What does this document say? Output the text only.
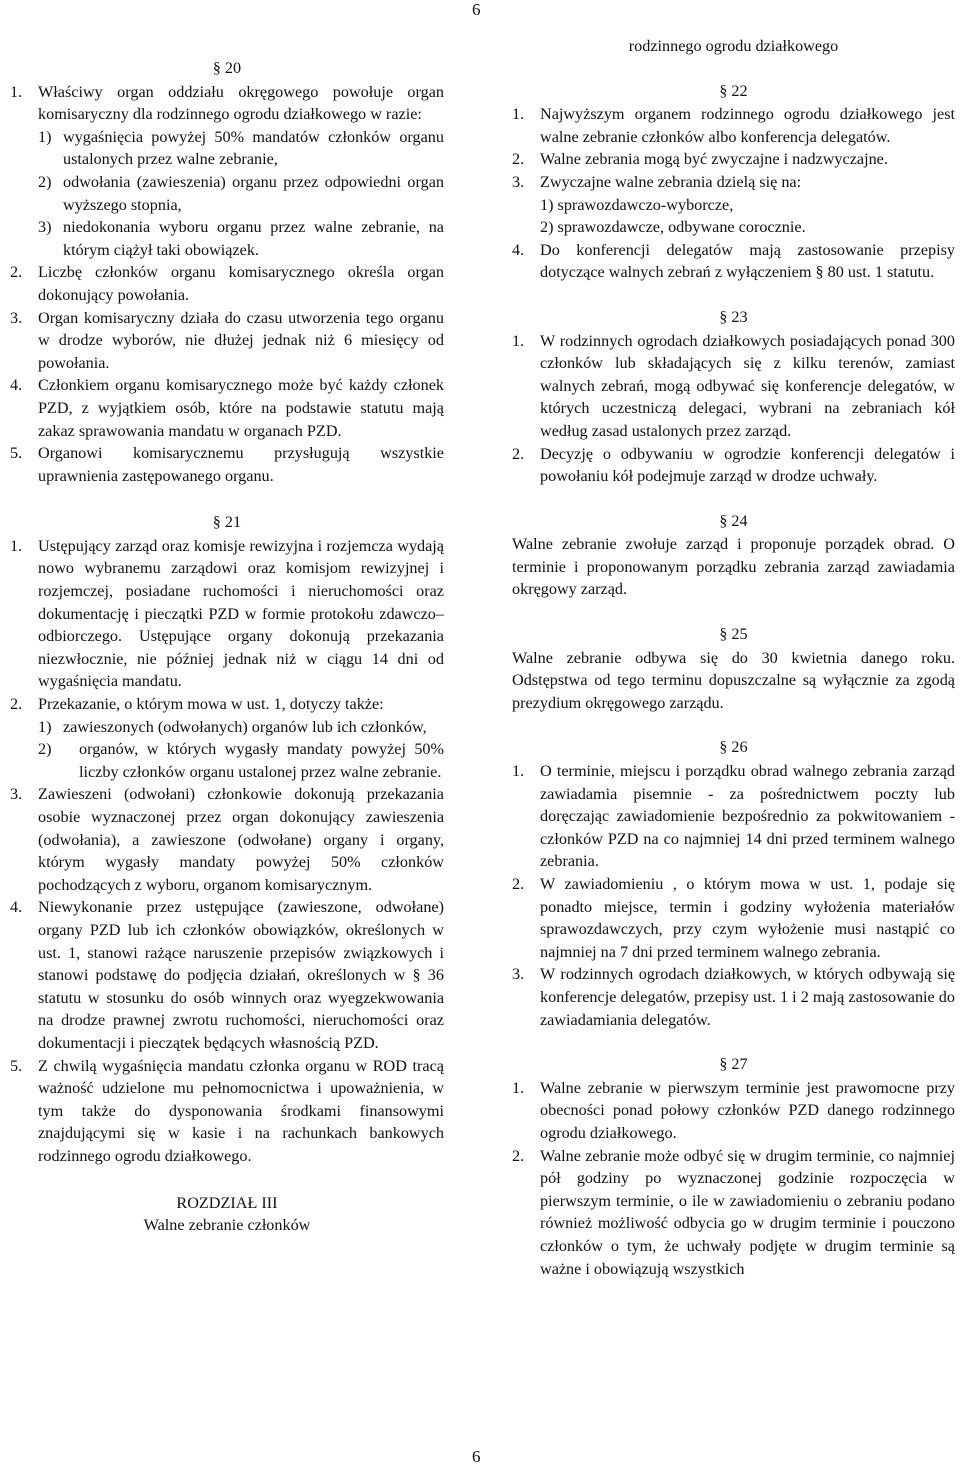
6

§ 20

1. Właściwy organ oddziału okręgowego powołuje organ komisaryczny dla rodzinnego ogrodu działkowego w razie:
1) wygaśnięcia powyżej 50% mandatów członków organu ustalonych przez walne zebranie,
2) odwołania (zawieszenia) organu przez odpowiedni organ wyższego stopnia,
3) niedokonania wyboru organu przez walne zebranie, na którym ciążył taki obowiązek.
2. Liczbę członków organu komisarycznego określa organ dokonujący powołania.
3. Organ komisaryczny działa do czasu utworzenia tego organu w drodze wyborów, nie dłużej jednak niż 6 miesięcy od powołania.
4. Członkiem organu komisarycznego może być każdy członek PZD, z wyjątkiem osób, które na podstawie statutu mają zakaz sprawowania mandatu w organach PZD.
5. Organowi komisarycznemu przysługują wszystkie uprawnienia zastępowanego organu.

§ 21

1. Ustępujący zarząd oraz komisje rewizyjna i rozjemcza wydają nowo wybranemu zarządowi oraz komisjom rewizyjnej i rozjemczej, posiadane ruchomości i nieruchomości oraz dokumentację i pieczątki PZD w formie protokołu zdawczo–odbiorczego. Ustępujące organy dokonują przekazania niezwłocznie, nie później jednak niż w ciągu 14 dni od wygaśnięcia mandatu.
2. Przekazanie, o którym mowa w ust. 1, dotyczy także:
1) zawieszonych (odwołanych) organów lub ich członków,
2) organów, w których wygasły mandaty powyżej 50% liczby członków organu ustalonej przez walne zebranie.
3. Zawieszeni (odwołani) członkowie dokonują przekazania osobie wyznaczonej przez organ dokonujący zawieszenia (odwołania), a zawieszone (odwołane) organy i organy, którym wygasły mandaty powyżej 50% członków pochodzących z wyboru, organom komisarycznym.
4. Niewykonanie przez ustępujące (zawieszone, odwołane) organy PZD lub ich członków obowiązków, określonych w ust. 1, stanowi rażące naruszenie przepisów związkowych i stanowi podstawę do podjęcia działań, określonych w § 36 statutu w stosunku do osób winnych oraz wyegzekwowania na drodze prawnej zwrotu ruchomości, nieruchomości oraz dokumentacji i pieczątek będących własnością PZD.
5. Z chwilą wygaśnięcia mandatu członka organu w ROD tracą ważność udzielone mu pełnomocnictwa i upoważnienia, w tym także do dysponowania środkami finansowymi znajdującymi się w kasie i na rachunkach bankowych rodzinnego ogrodu działkowego.

ROZDZIAŁ III

Walne zebranie członków

rodzinnego ogrodu działkowego

§ 22

1. Najwyższym organem rodzinnego ogrodu działkowego jest walne zebranie członków albo konferencja delegatów.
2. Walne zebrania mogą być zwyczajne i nadzwyczajne.
3. Zwyczajne walne zebrania dzielą się na:
1) sprawozdawczo-wyborcze,
2) sprawozdawcze, odbywane corocznie.
4. Do konferencji delegatów mają zastosowanie przepisy dotyczące walnych zebrań z wyłączeniem § 80 ust. 1 statutu.

§ 23

1. W rodzinnych ogrodach działkowych posiadających ponad 300 członków lub składających się z kilku terenów, zamiast walnych zebrań, mogą odbywać się konferencje delegatów, w których uczestniczą delegaci, wybrani na zebraniach kół według zasad ustalonych przez zarząd.
2. Decyzję o odbywaniu w ogrodzie konferencji delegatów i powołaniu kół podejmuje zarząd w drodze uchwały.

§ 24

Walne zebranie zwołuje zarząd i proponuje porządek obrad. O terminie i proponowanym porządku zebrania zarząd zawiadamia okręgowy zarząd.

§ 25

Walne zebranie odbywa się do 30 kwietnia danego roku. Odstępstwa od tego terminu dopuszczalne są wyłącznie za zgodą prezydium okręgowego zarządu.

§ 26

1. O terminie, miejscu i porządku obrad walnego zebrania zarząd zawiadamia pisemnie - za pośrednictwem poczty lub doręczając zawiadomienie bezpośrednio za pokwitowaniem - członków PZD na co najmniej 14 dni przed terminem walnego zebrania.
2. W zawiadomieniu , o którym mowa w ust. 1, podaje się ponadto miejsce, termin i godziny wyłożenia materiałów sprawozdawczych, przy czym wyłożenie musi nastąpić co najmniej na 7 dni przed terminem walnego zebrania.
3. W rodzinnych ogrodach działkowych, w których odbywają się konferencje delegatów, przepisy ust. 1 i 2 mają zastosowanie do zawiadamiania delegatów.

§ 27

1. Walne zebranie w pierwszym terminie jest prawomocne przy obecności ponad połowy członków PZD danego rodzinnego ogrodu działkowego.
2. Walne zebranie może odbyć się w drugim terminie, co najmniej pół godziny po wyznaczonej godzinie rozpoczęcia w pierwszym terminie, o ile w zawiadomieniu o zebraniu podano również możliwość odbycia go w drugim terminie i pouczono członków o tym, że uchwały podjęte w drugim terminie są ważne i obowiązują wszystkich
6
